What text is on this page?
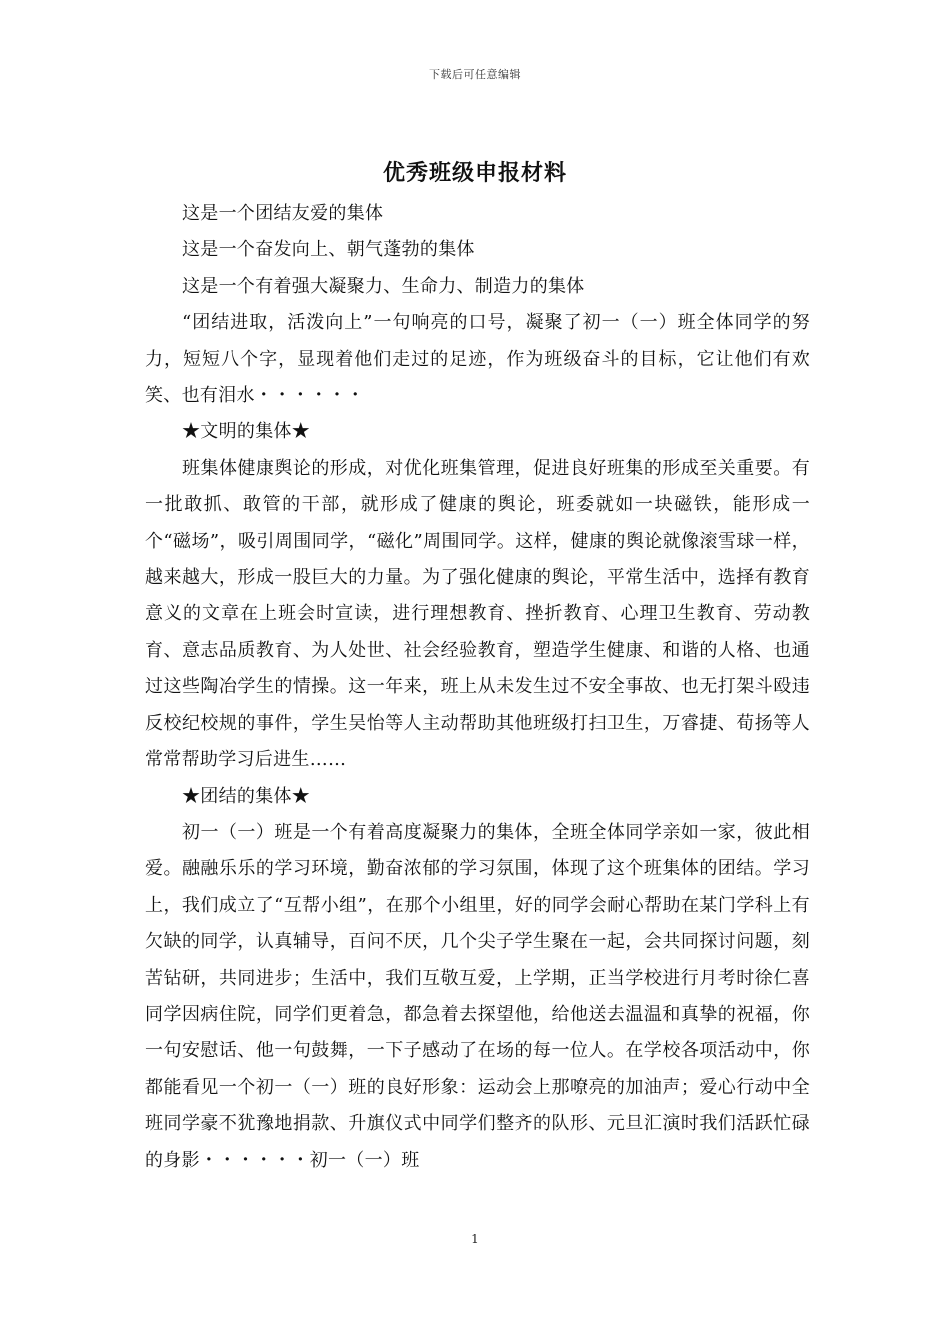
下载后可任意编辑
优秀班级申报材料

这是一个团结友爱的集体

这是一个奋发向上、朝气蓬勃的集体

这是一个有着强大凝聚力、生命力、制造力的集体

“团结进取，活泼向上”一句响亮的口号，凝聚了初一（一）班全体同学的努力，短短八个字，显现着他们走过的足迹，作为班级奋斗的目标，它让他们有欢笑、也有泪水・・・・・・

★文明的集体★

班集体健康舆论的形成，对优化班集管理，促进良好班集的形成至关重要。有一批敢抓、敢管的干部，就形成了健康的舆论，班委就如一块磁铁，能形成一个“磁场”，吸引周围同学，“磁化”周围同学。这样，健康的舆论就像滚雪球一样，越来越大，形成一股巨大的力量。为了强化健康的舆论，平常生活中，选择有教育意义的文章在上班会时宣读，进行理想教育、挫折教育、心理卫生教育、劳动教育、意志品质教育、为人处世、社会经验教育，塑造学生健康、和谐的人格、也通过这些陶冶学生的情操。这一年来，班上从未发生过不安全事故、也无打架斗殴违反校纪校规的事件，学生吴怡等人主动帮助其他班级打扫卫生，万睿捷、荀扬等人常常帮助学习后进生……

★团结的集体★

初一（一）班是一个有着高度凝聚力的集体，全班全体同学亲如一家，彼此相爱。融融乐乐的学习环境，勤奋浓郁的学习氛围，体现了这个班集体的团结。学习上，我们成立了“互帮小组”，在那个小组里，好的同学会耐心帮助在某门学科上有欠缺的同学，认真辅导，百问不厌，几个尖子学生聚在一起，会共同探讨问题，刻苦钻研，共同进步；生活中，我们互敬互爱，上学期，正当学校进行月考时徐仁喜同学因病住院，同学们更着急，都急着去探望他，给他送去温温和真挚的祝福，你一句安慰话、他一句鼓舞，一下子感动了在场的每一位人。在学校各项活动中，你都能看见一个初一（一）班的良好形象：运动会上那嘹亮的加油声；爱心行动中全班同学豪不犹豫地捐款、升旗仪式中同学们整齐的队形、元旦汇演时我们活跃忙碌的身影・・・・・・初一（一）班

1
